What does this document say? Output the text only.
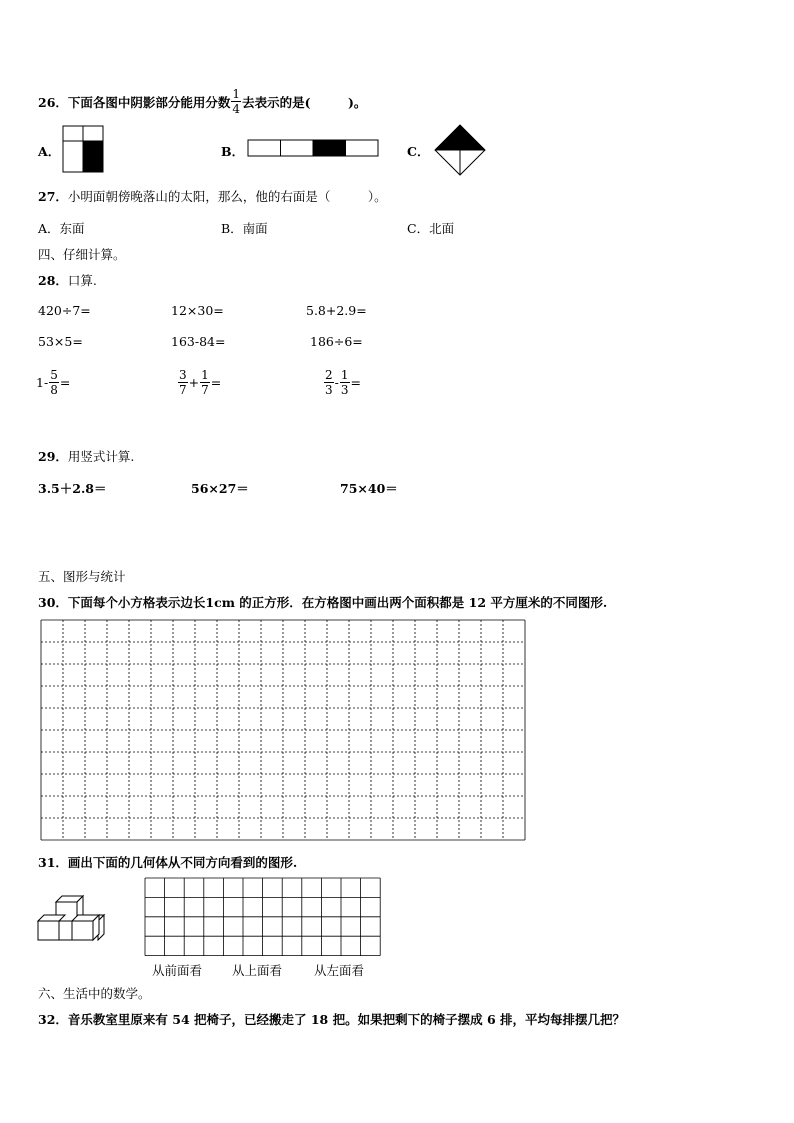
26． 下面各图中阴影部分能用分数 $\frac{1}{4}$ 去表示的是(　　　)。
A．	B．	C．
27．小明面朝傍晚落山的太阳，那么，他的右面是（　　　）。
A．东面	B．南面	C．北面
四、仔细计算。
28．口算.
420÷7=	12×30=	5.8+2.9=
53×5=	163-84=	186÷6=
$1- \frac{5}{8}$ =	$\frac{3}{7} + \frac{1}{7}$ =	$\frac{2}{3} - \frac{1}{3}$ =
29．用竖式计算.
3.5＋2.8＝	56×27＝	75×40＝
五、图形与统计
30．下面每个小方格表示边长1cm 的正方形．在方格图中画出两个面积都是 12 平方厘米的不同图形.
31．画出下面的几何体从不同方向看到的图形.
从前面看 从上面看	从左面看
六、生活中的数学。
32．音乐教室里原来有 54 把椅子，已经搬走了 18 把。如果把剩下的椅子摆成 6 排，平均每排摆几把？
